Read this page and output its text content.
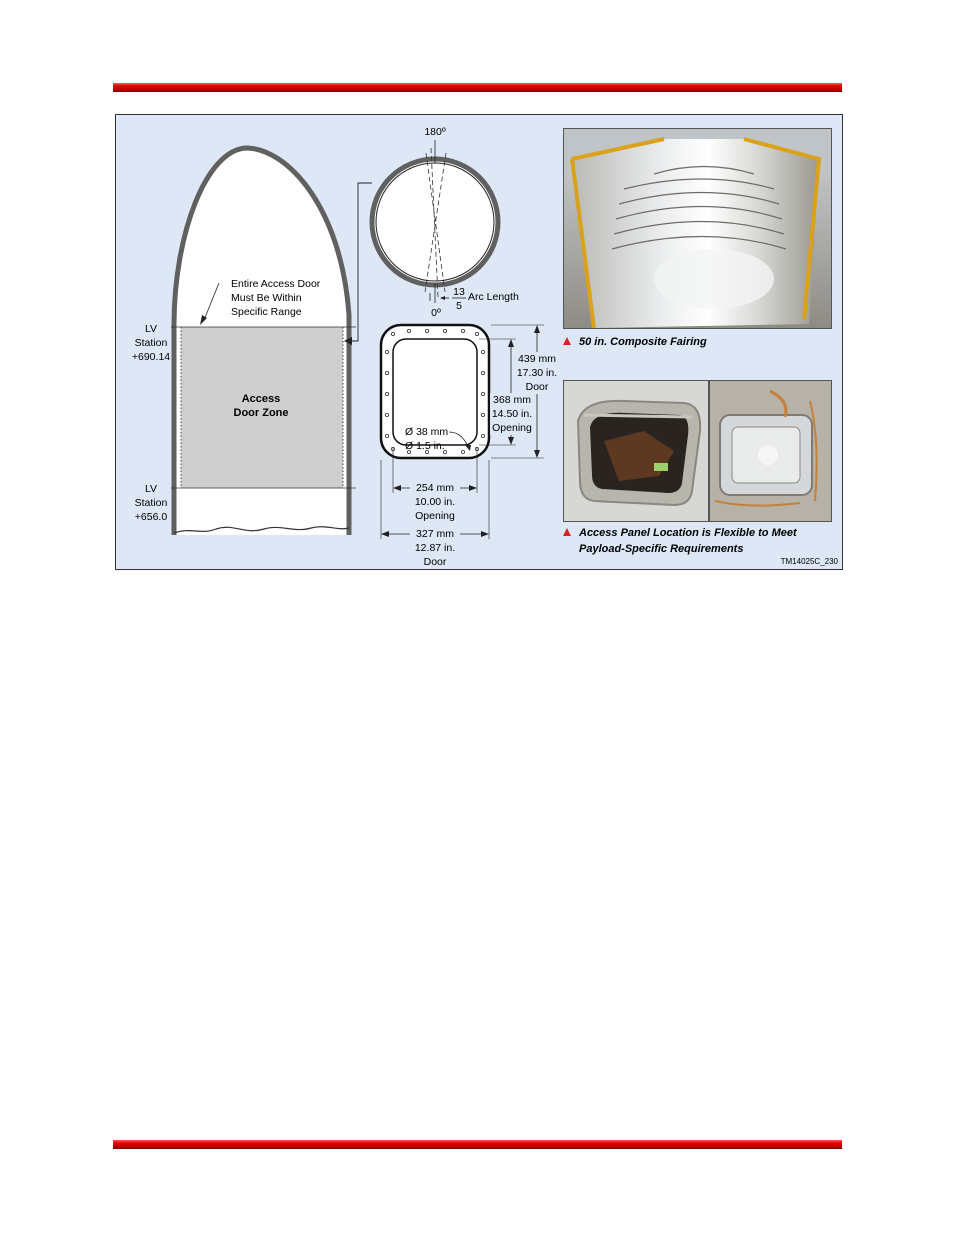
Entire Access Door
Must Be Within
Specific Range
LV
Station
+690.14
LV
Station
+656.0
Access
Door Zone
180º
0º
13
5
Arc Length
Ø 38 mm
Ø 1.5 in.
439 mm
17.30 in.
Door
368 mm
14.50 in.
Opening
254 mm
10.00 in.
Opening
327 mm
12.87 in.
Door
50 in. Composite Fairing
Access Panel Location is Flexible to Meet
Payload-Specific Requirements
TM14025C_230
